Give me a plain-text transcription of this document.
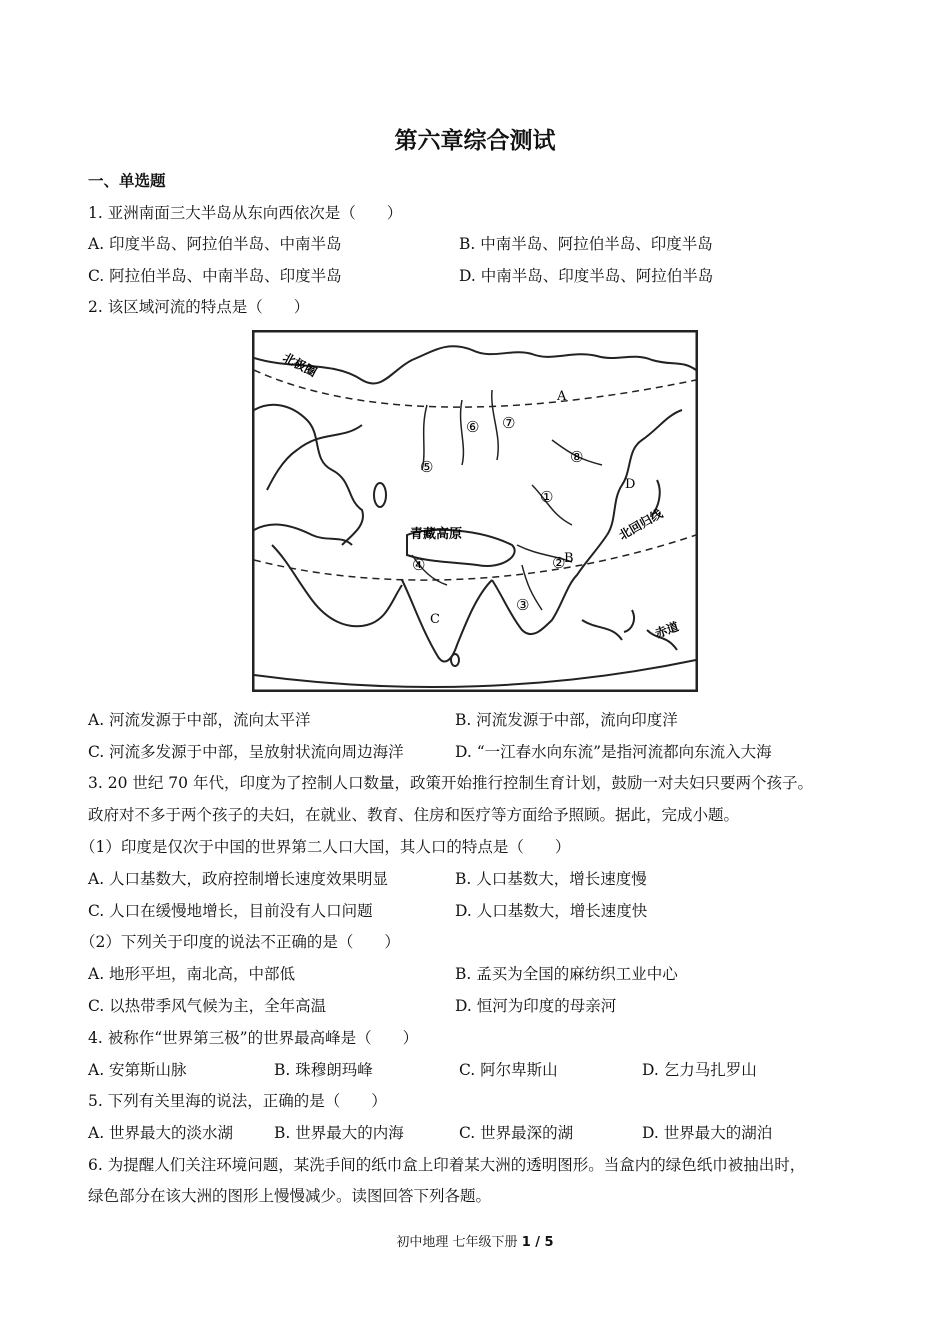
第六章综合测试
一、单选题
1. 亚洲南面三大半岛从东向西依次是（　　）
A. 印度半岛、阿拉伯半岛、中南半岛	B. 中南半岛、阿拉伯半岛、印度半岛
C. 阿拉伯半岛、中南半岛、印度半岛	D. 中南半岛、印度半岛、阿拉伯半岛
2. 该区域河流的特点是（　　）
北极圈
青藏高原	北回归线
赤道
A
B
C
D
①
②
③
④
⑤
⑥ ⑦
⑧
A. 河流发源于中部，流向太平洋	B. 河流发源于中部，流向印度洋
C. 河流多发源于中部，呈放射状流向周边海洋	D. “一江春水向东流”是指河流都向东流入大海
3. 20 世纪 70 年代，印度为了控制人口数量，政策开始推行控制生育计划，鼓励一对夫妇只要两个孩子。
政府对不多于两个孩子的夫妇，在就业、教育、住房和医疗等方面给予照顾。据此，完成小题。
（1）印度是仅次于中国的世界第二人口大国，其人口的特点是（　　）
A. 人口基数大，政府控制增长速度效果明显	B. 人口基数大，增长速度慢
C. 人口在缓慢地增长，目前没有人口问题	D. 人口基数大，增长速度快
（2）下列关于印度的说法不正确的是（　　）
A. 地形平坦，南北高，中部低	B. 孟买为全国的麻纺织工业中心
C. 以热带季风气候为主，全年高温	D. 恒河为印度的母亲河
4. 被称作“世界第三极”的世界最高峰是（　　）
A. 安第斯山脉	B. 珠穆朗玛峰	C. 阿尔卑斯山	D. 乞力马扎罗山
5. 下列有关里海的说法，正确的是（　　）
A. 世界最大的淡水湖	B. 世界最大的内海	C. 世界最深的湖	D. 世界最大的湖泊
6. 为提醒人们关注环境问题，某洗手间的纸巾盒上印着某大洲的透明图形。当盒内的绿色纸巾被抽出时，
绿色部分在该大洲的图形上慢慢减少。读图回答下列各题。
初中地理 七年级下册 1 / 5
